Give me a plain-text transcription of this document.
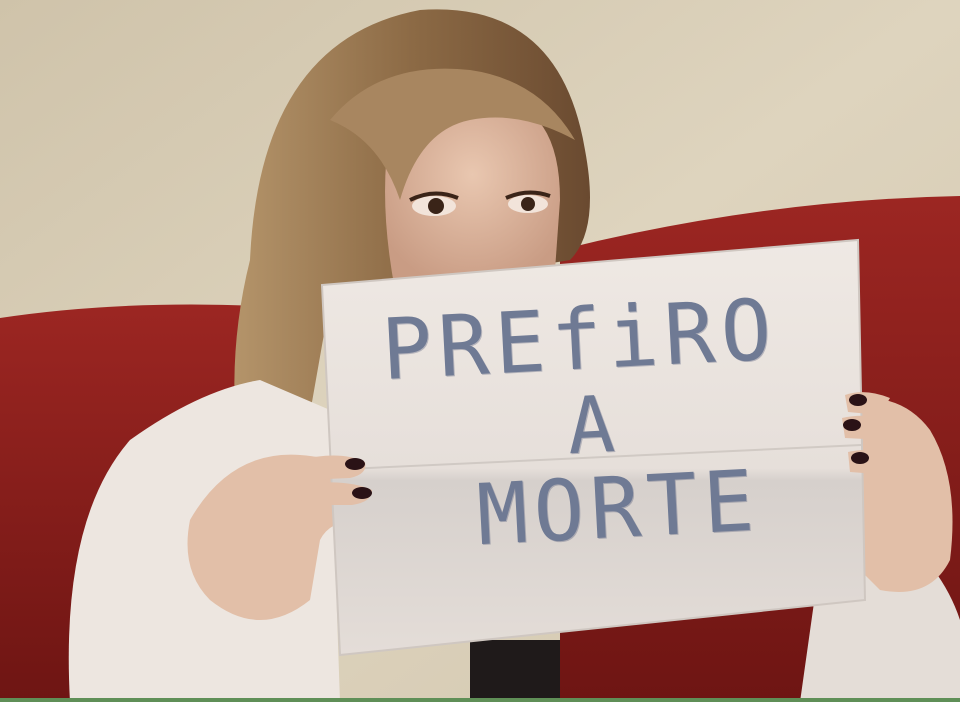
PREfiRO
A
MORTE
